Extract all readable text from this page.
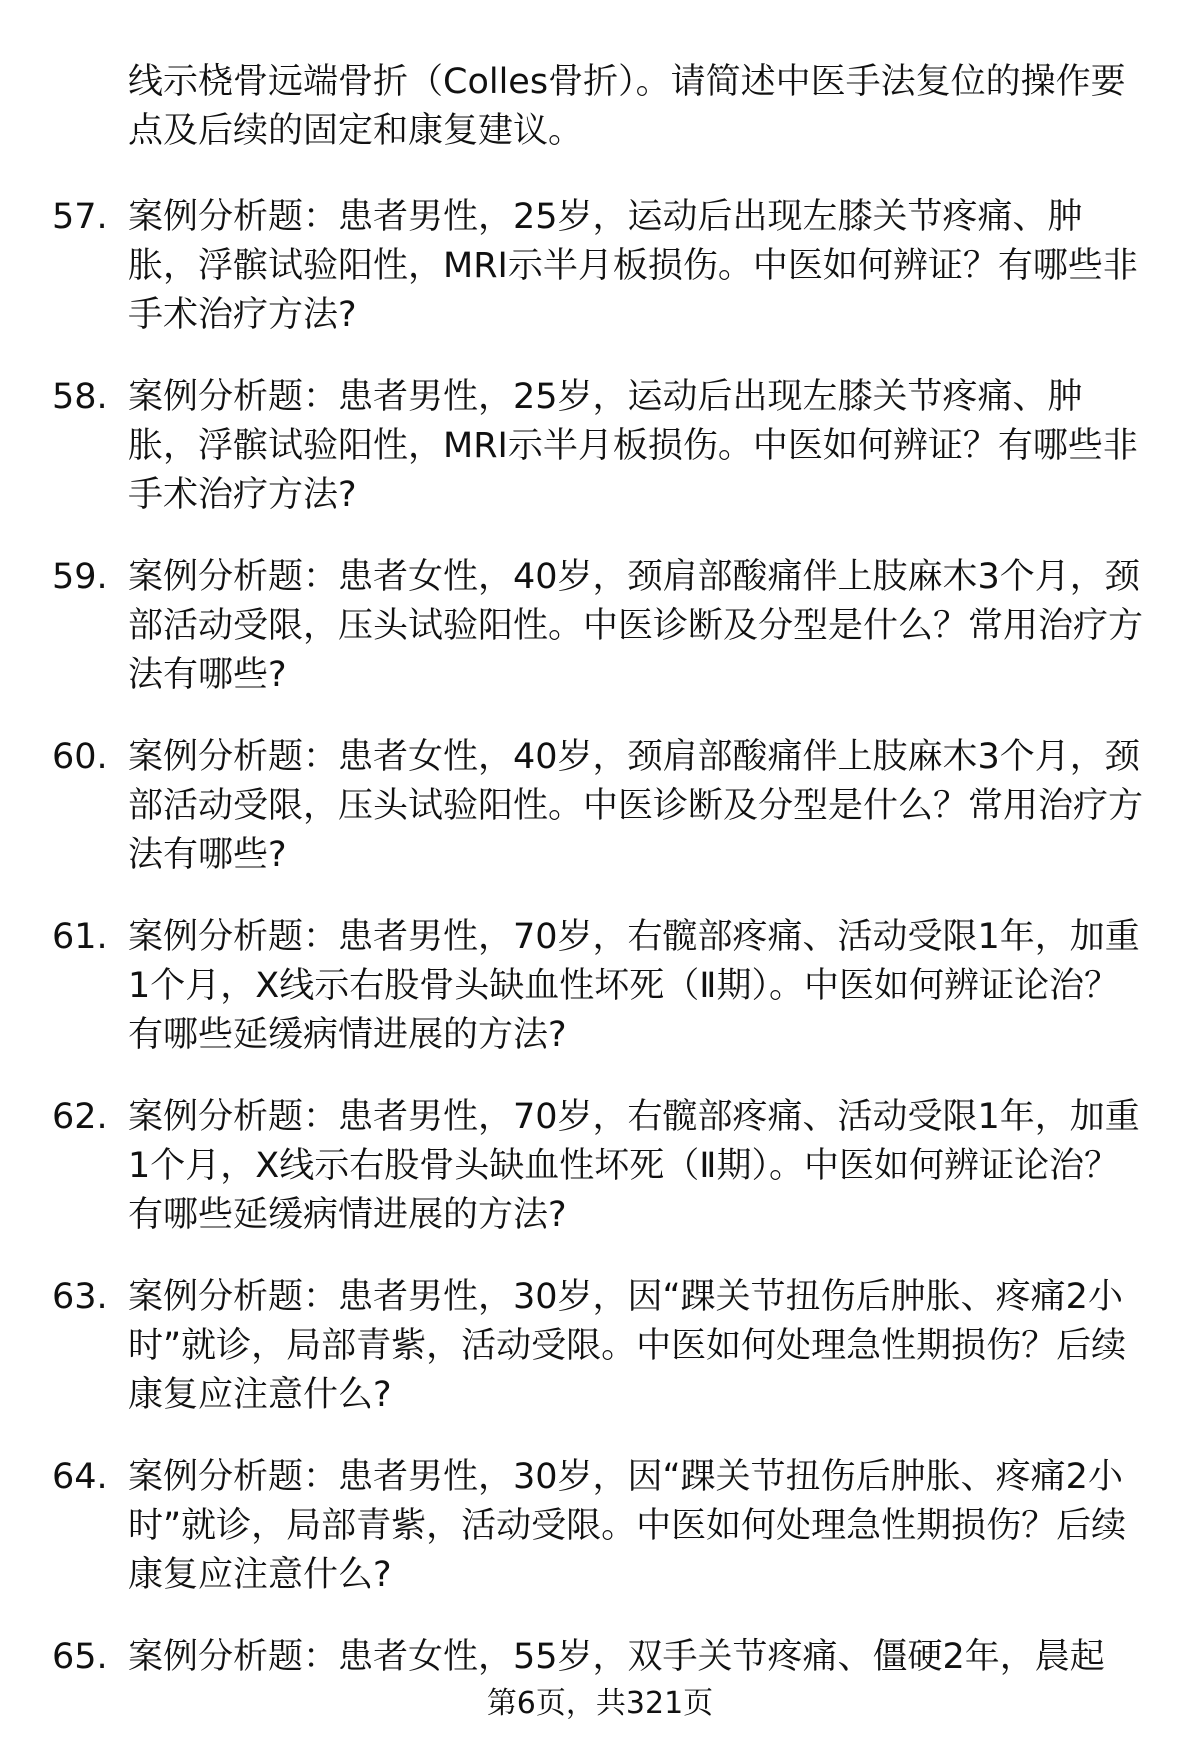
线示桡骨远端骨折（Colles骨折）。请简述中医手法复位的操作要点及后续的固定和康复建议。
57. 案例分析题：患者男性，25岁，运动后出现左膝关节疼痛、肿胀，浮髌试验阳性，MRI示半月板损伤。中医如何辨证？有哪些非手术治疗方法?
58. 案例分析题：患者男性，25岁，运动后出现左膝关节疼痛、肿胀，浮髌试验阳性，MRI示半月板损伤。中医如何辨证？有哪些非手术治疗方法?
59. 案例分析题：患者女性，40岁，颈肩部酸痛伴上肢麻木3个月，颈部活动受限，压头试验阳性。中医诊断及分型是什么？常用治疗方法有哪些?
60. 案例分析题：患者女性，40岁，颈肩部酸痛伴上肢麻木3个月，颈部活动受限，压头试验阳性。中医诊断及分型是什么？常用治疗方法有哪些?
61. 案例分析题：患者男性，70岁，右髋部疼痛、活动受限1年，加重1个月，X线示右股骨头缺血性坏死（Ⅱ期）。中医如何辨证论治？有哪些延缓病情进展的方法?
62. 案例分析题：患者男性，70岁，右髋部疼痛、活动受限1年，加重1个月，X线示右股骨头缺血性坏死（Ⅱ期）。中医如何辨证论治？有哪些延缓病情进展的方法?
63. 案例分析题：患者男性，30岁，因“踝关节扭伤后肿胀、疼痛2小时”就诊，局部青紫，活动受限。中医如何处理急性期损伤？后续康复应注意什么?
64. 案例分析题：患者男性，30岁，因“踝关节扭伤后肿胀、疼痛2小时”就诊，局部青紫，活动受限。中医如何处理急性期损伤？后续康复应注意什么?
65. 案例分析题：患者女性，55岁，双手关节疼痛、僵硬2年，晨起
第6页，共321页
